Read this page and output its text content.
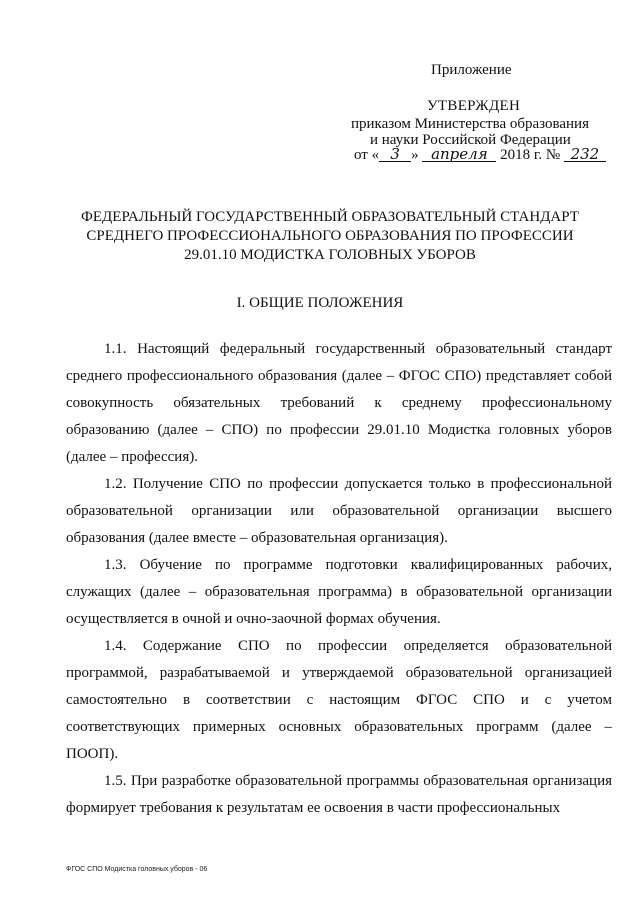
Приложение
УТВЕРЖДЕН
приказом Министерства образования
и науки Российской Федерации
от « 3 » апреля 2018 г. № 232
ФЕДЕРАЛЬНЫЙ ГОСУДАРСТВЕННЫЙ ОБРАЗОВАТЕЛЬНЫЙ СТАНДАРТ
СРЕДНЕГО ПРОФЕССИОНАЛЬНОГО ОБРАЗОВАНИЯ ПО ПРОФЕССИИ
29.01.10 МОДИСТКА ГОЛОВНЫХ УБОРОВ
I. ОБЩИЕ ПОЛОЖЕНИЯ

1.1. Настоящий федеральный государственный образовательный стандарт среднего профессионального образования (далее – ФГОС СПО) представляет собой совокупность обязательных требований к среднему профессиональному образованию (далее – СПО) по профессии 29.01.10 Модистка головных уборов (далее – профессия).

1.2. Получение СПО по профессии допускается только в профессиональной образовательной организации или образовательной организации высшего образования (далее вместе – образовательная организация).

1.3. Обучение по программе подготовки квалифицированных рабочих, служащих (далее – образовательная программа) в образовательной организации осуществляется в очной и очно-заочной формах обучения.

1.4. Содержание СПО по профессии определяется образовательной программой, разрабатываемой и утверждаемой образовательной организацией самостоятельно в соответствии с настоящим ФГОС СПО и с учетом соответствующих примерных основных образовательных программ (далее – ПООП).

1.5. При разработке образовательной программы образовательная организация формирует требования к результатам ее освоения в части профессиональных

ФГОС СПО Модистка головных уборов - 06
